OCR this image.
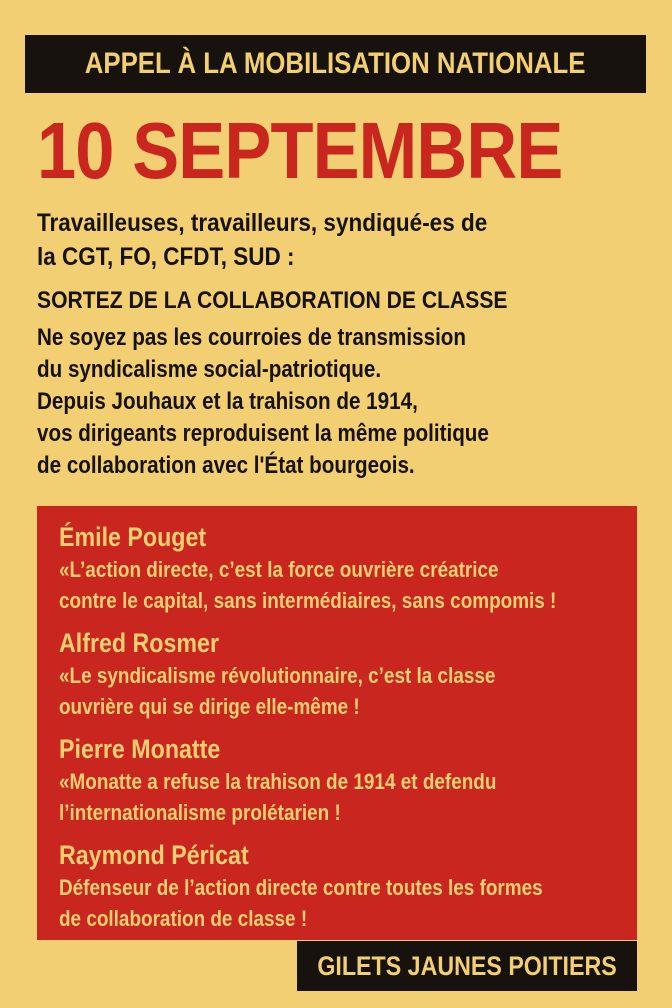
APPEL À LA MOBILISATION NATIONALE
10 SEPTEMBRE
Travailleuses, travailleurs, syndiqué-es de
la CGT, FO, CFDT, SUD :
SORTEZ DE LA COLLABORATION DE CLASSE
Ne soyez pas les courroies de transmission
du syndicalisme social-patriotique.
Depuis Jouhaux et la trahison de 1914,
vos dirigeants reproduisent la même politique
de collaboration avec l'État bourgeois.
Émile Pouget
«L’action directe, c’est la force ouvrière créatrice
contre le capital, sans intermédiaires, sans compomis !
Alfred Rosmer
«Le syndicalisme révolutionnaire, c’est la classe
ouvrière qui se dirige elle-même !
Pierre Monatte
«Monatte a refuse la trahison de 1914 et defendu
l’internationalisme prolétarien !
Raymond Péricat
Défenseur de l’action directe contre toutes les formes
de collaboration de classe !
GILETS JAUNES POITIERS
